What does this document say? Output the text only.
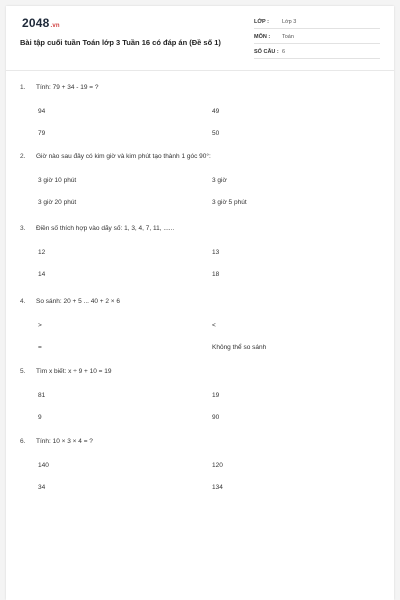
2048.vn
Bài tập cuối tuần Toán lớp 3 Tuần 16 có đáp án (Đề số 1)
LỚP : Lớp 3
MÔN : Toán
SỐ CÂU : 6
1. Tính: 79 + 34 - 19 = ?
94	49
79	50
2. Giờ nào sau đây có kim giờ và kim phút tạo thành 1 góc 90°:
3 giờ 10 phút	3 giờ
3 giờ 20 phút	3 giờ 5 phút
3. Điền số thích hợp vào dãy số: 1, 3, 4, 7, 11, ......
12	13
14	18
4. So sánh: 20 + 5 ... 40 + 2 × 6
>	<
=	Không thể so sánh
5. Tìm x biết: x ÷ 9 + 10 = 19
81	19
9	90
6. Tính: 10 × 3 × 4 = ?
140	120
34	134
